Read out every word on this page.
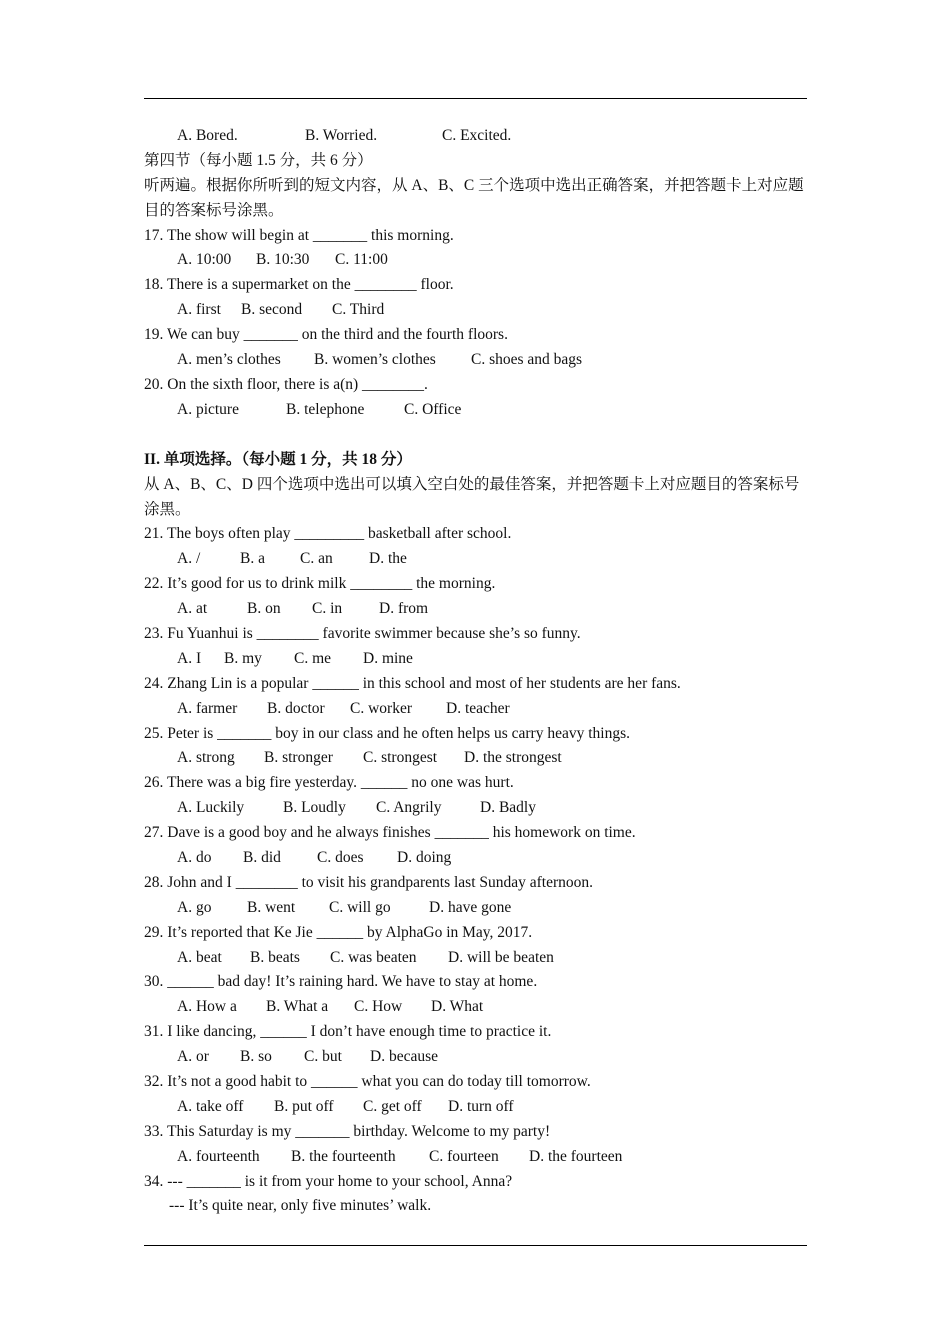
A. Bored.	B. Worried.	C. Excited.
第四节（每小题 1.5 分，共 6 分）
听两遍。根据你所听到的短文内容，从 A、B、C 三个选项中选出正确答案，并把答题卡上对应题目的答案标号涂黑。
17. The show will begin at _______ this morning.
A. 10:00 B. 10:30 C. 11:00
18. There is a supermarket on the ________ floor.
A. first B. second C. Third
19. We can buy _______ on the third and the fourth floors.
A. men’s clothes B. women’s clothes C. shoes and bags
20. On the sixth floor, there is a(n) ________.
A. picture	B. telephone	C. Office
II. 单项选择。（每小题 1 分，共 18 分）
从 A、B、C、D 四个选项中选出可以填入空白处的最佳答案，并把答题卡上对应题目的答案标号涂黑。
21. The boys often play _________ basketball after school.
A. /	B. a C. an D. the
22. It’s good for us to drink milk ________ the morning.
A. at	B. on C. in D. from
23. Fu Yuanhui is ________ favorite swimmer because she’s so funny.
A. I B. my C. me D. mine
24. Zhang Lin is a popular ______ in this school and most of her students are her fans.
A. farmer B. doctor C. worker D. teacher
25. Peter is _______ boy in our class and he often helps us carry heavy things.
A. strong B. stronger C. strongest D. the strongest
26. There was a big fire yesterday. ______ no one was hurt.
A. Luckily	B. Loudly C. Angrily D. Badly
27. Dave is a good boy and he always finishes _______ his homework on time.
A. do B. did C. does D. doing
28. John and I ________ to visit his grandparents last Sunday afternoon.
A. go B. went C. will go D. have gone
29. It’s reported that Ke Jie ______ by AlphaGo in May, 2017.
A. beat B. beats C. was beaten D. will be beaten
30. ______ bad day! It’s raining hard. We have to stay at home.
A. How a B. What a C. How D. What
31. I like dancing, ______ I don’t have enough time to practice it.
A. or B. so C. but D. because
32. It’s not a good habit to ______ what you can do today till tomorrow.
A. take off B. put off C. get off D. turn off
33. This Saturday is my _______ birthday. Welcome to my party!
A. fourteenth B. the fourteenth C. fourteen D. the fourteen
34. --- _______ is it from your home to your school, Anna?
--- It’s quite near, only five minutes’ walk.
